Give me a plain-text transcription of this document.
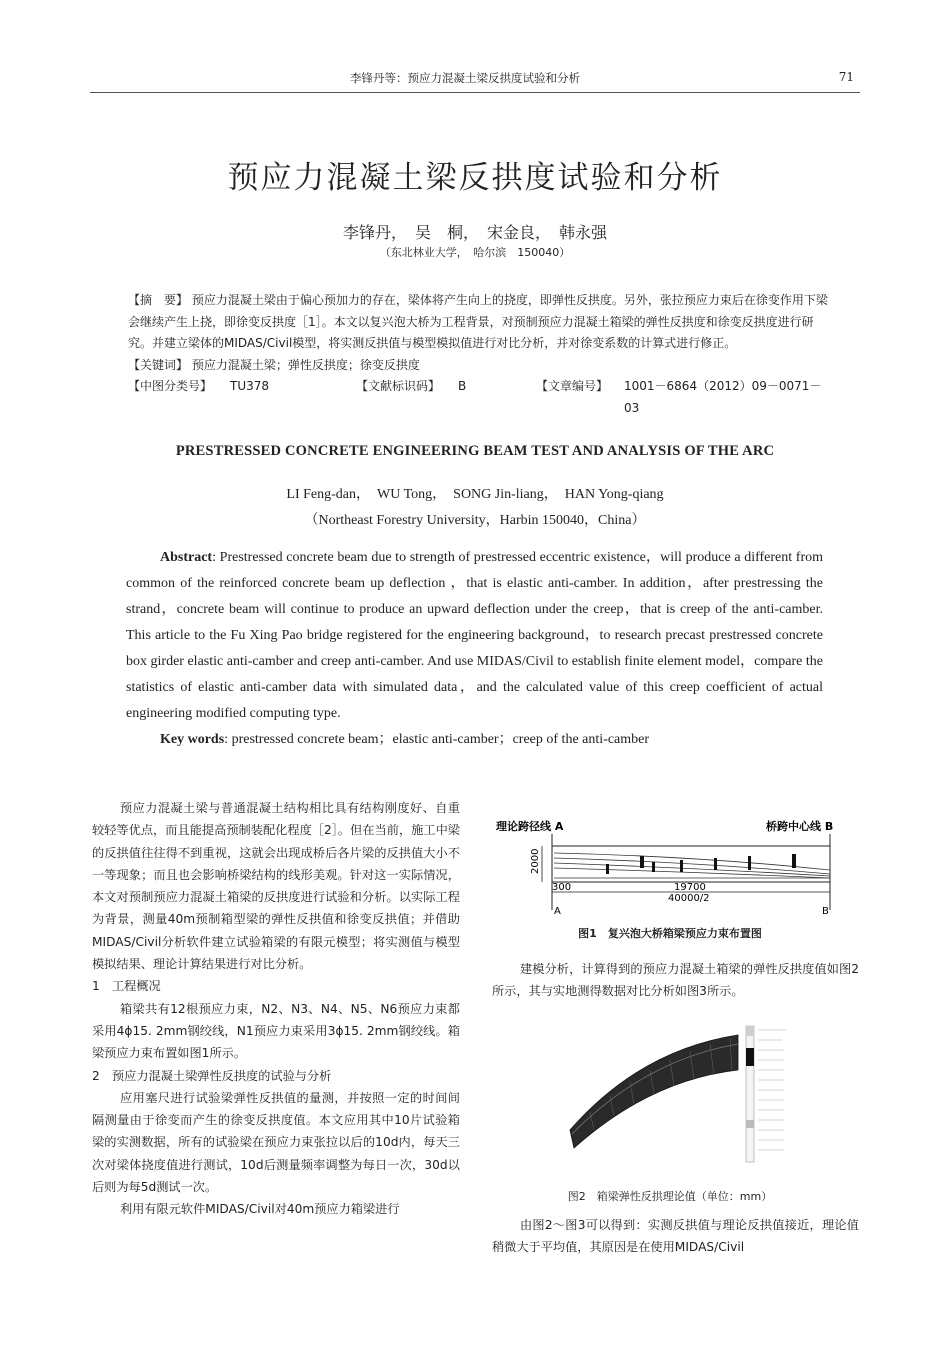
李锋丹等：预应力混凝土梁反拱度试验和分析	71
预应力混凝土梁反拱度试验和分析
李锋丹，　吴　桐，　宋金良，　韩永强
（东北林业大学，　哈尔滨　150040）

【摘　要】 预应力混凝土梁由于偏心预加力的存在，梁体将产生向上的挠度，即弹性反拱度。另外，张拉预应力束后在徐变作用下梁会继续产生上挠，即徐变反拱度［1］。本文以复兴泡大桥为工程背景，对预制预应力混凝土箱梁的弹性反拱度和徐变反拱度进行研究。并建立梁体的MIDAS/Civil模型，将实测反拱值与模型模拟值进行对比分析，并对徐变系数的计算式进行修正。

【关键词】 预应力混凝土梁；弹性反拱度；徐变反拱度

【中图分类号】 TU378	【文献标识码】 B	【文章编号】 1001－6864（2012）09－0071－03
PRESTRESSED CONCRETE ENGINEERING BEAM TEST AND ANALYSIS OF THE ARC
LI Feng-dan，　WU Tong，　SONG Jin-liang，　HAN Yong-qiang
（Northeast Forestry University，Harbin 150040，China）

Abstract: Prestressed concrete beam due to strength of prestressed eccentric existence，will produce a different from common of the reinforced concrete beam up deflection ，that is elastic anti-camber. In addition，after prestressing the strand，concrete beam will continue to produce an upward deflection under the creep，that is creep of the anti-camber. This article to the Fu Xing Pao bridge registered for the engineering background，to research precast prestressed concrete box girder elastic anti-camber and creep anti-camber. And use MIDAS/Civil to establish finite element model，compare the statistics of elastic anti-camber data with simulated data，and the calculated value of this creep coefficient of actual engineering modified computing type.

Key words: prestressed concrete beam；elastic anti-camber；creep of the anti-camber

预应力混凝土梁与普通混凝土结构相比具有结构刚度好、自重较轻等优点，而且能提高预制装配化程度［2］。但在当前，施工中梁的反拱值往往得不到重视，这就会出现成桥后各片梁的反拱值大小不一等现象；而且也会影响桥梁结构的线形美观。针对这一实际情况，本文对预制预应力混凝土箱梁的反拱度进行试验和分析。以实际工程为背景，测量40m预制箱型梁的弹性反拱值和徐变反拱值；并借助MIDAS/Civil分析软件建立试验箱梁的有限元模型；将实测值与模型模拟结果、理论计算结果进行对比分析。

1　工程概况

箱梁共有12根预应力束，N2、N3、N4、N5、N6预应力束都采用4ϕ15. 2mm钢绞线，N1预应力束采用3ϕ15. 2mm钢绞线。箱梁预应力束布置如图1所示。

2　预应力混凝土梁弹性反拱度的试验与分析

应用塞尺进行试验梁弹性反拱值的量测，并按照一定的时间间隔测量由于徐变而产生的徐变反拱度值。本文应用其中10片试验箱梁的实测数据，所有的试验梁在预应力束张拉以后的10d内，每天三次对梁体挠度值进行测试，10d后测量频率调整为每日一次，30d以后则为每5d测试一次。

利用有限元软件MIDAS/Civil对40m预应力箱梁进行

理论跨径线 A	桥跨中心线 B
2000
300	19700
40000/2
A	B
图1　复兴泡大桥箱梁预应力束布置图

建模分析，计算得到的预应力混凝土箱梁的弹性反拱度值如图2所示，其与实地测得数据对比分析如图3所示。

图2　箱梁弹性反拱理论值（单位：mm）

由图2～图3可以得到：实测反拱值与理论反拱值接近，理论值稍微大于平均值，其原因是在使用MIDAS/Civil
